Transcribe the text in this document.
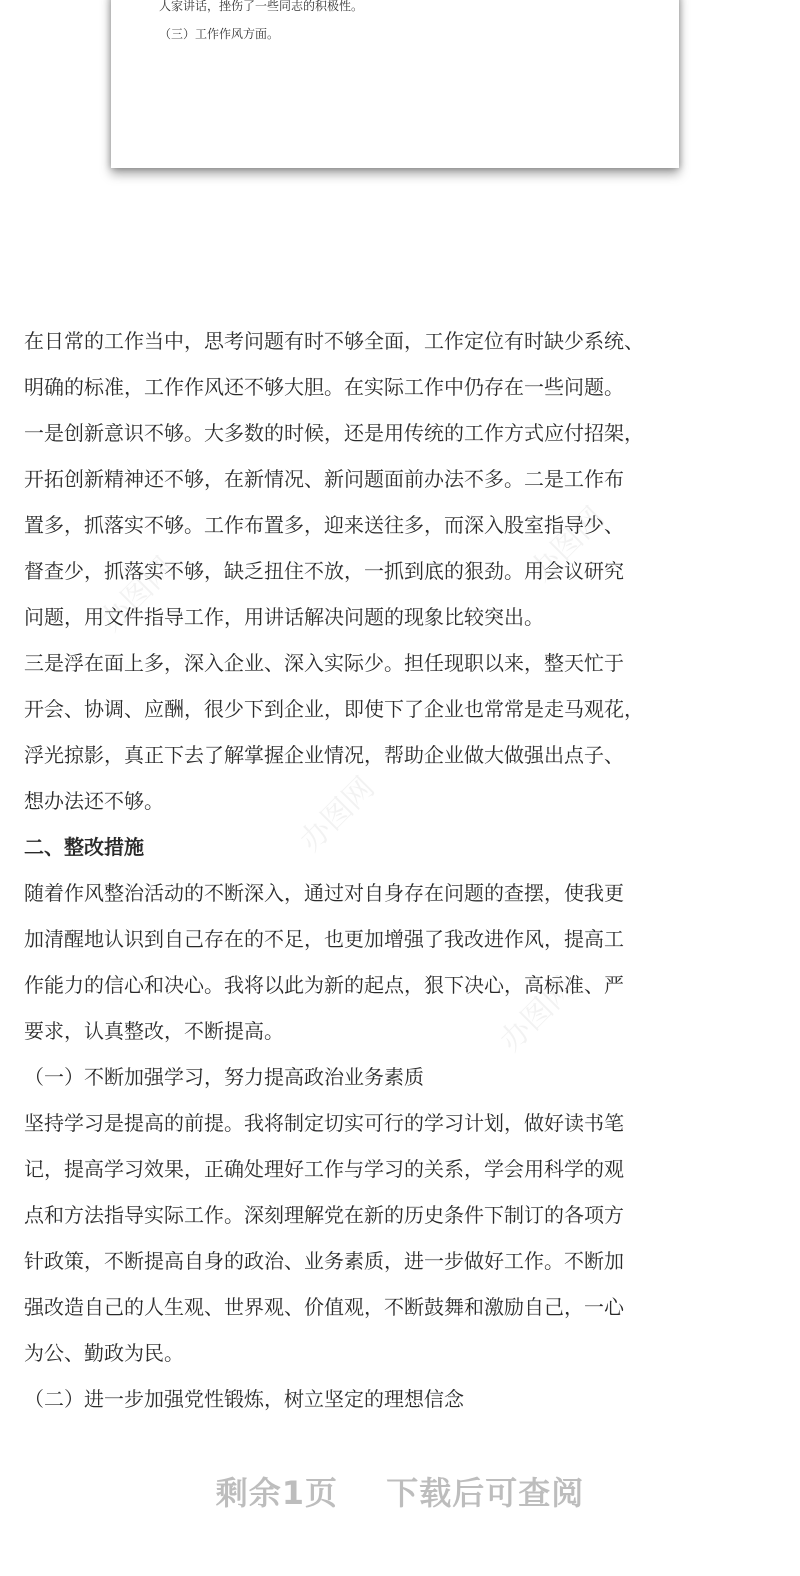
人家讲话，挫伤了一些同志的积极性。
（三）工作作风方面。
办图网
办图网
办图网
办图网

在日常的工作当中，思考问题有时不够全面，工作定位有时缺少系统、

明确的标准，工作作风还不够大胆。在实际工作中仍存在一些问题。

一是创新意识不够。大多数的时候，还是用传统的工作方式应付招架，

开拓创新精神还不够，在新情况、新问题面前办法不多。二是工作布

置多，抓落实不够。工作布置多，迎来送往多，而深入股室指导少、

督查少，抓落实不够，缺乏扭住不放，一抓到底的狠劲。用会议研究

问题，用文件指导工作，用讲话解决问题的现象比较突出。

三是浮在面上多，深入企业、深入实际少。担任现职以来，整天忙于

开会、协调、应酬，很少下到企业，即使下了企业也常常是走马观花，

浮光掠影，真正下去了解掌握企业情况，帮助企业做大做强出点子、

想办法还不够。

二、整改措施

随着作风整治活动的不断深入，通过对自身存在问题的查摆，使我更

加清醒地认识到自己存在的不足，也更加增强了我改进作风，提高工

作能力的信心和决心。我将以此为新的起点，狠下决心，高标准、严

要求，认真整改，不断提高。

（一）不断加强学习，努力提高政治业务素质

坚持学习是提高的前提。我将制定切实可行的学习计划，做好读书笔

记，提高学习效果，正确处理好工作与学习的关系，学会用科学的观

点和方法指导实际工作。深刻理解党在新的历史条件下制订的各项方

针政策，不断提高自身的政治、业务素质，进一步做好工作。不断加

强改造自己的人生观、世界观、价值观，不断鼓舞和激励自己，一心

为公、勤政为民。

（二）进一步加强党性锻炼，树立坚定的理想信念

剩余1页 下载后可查阅
